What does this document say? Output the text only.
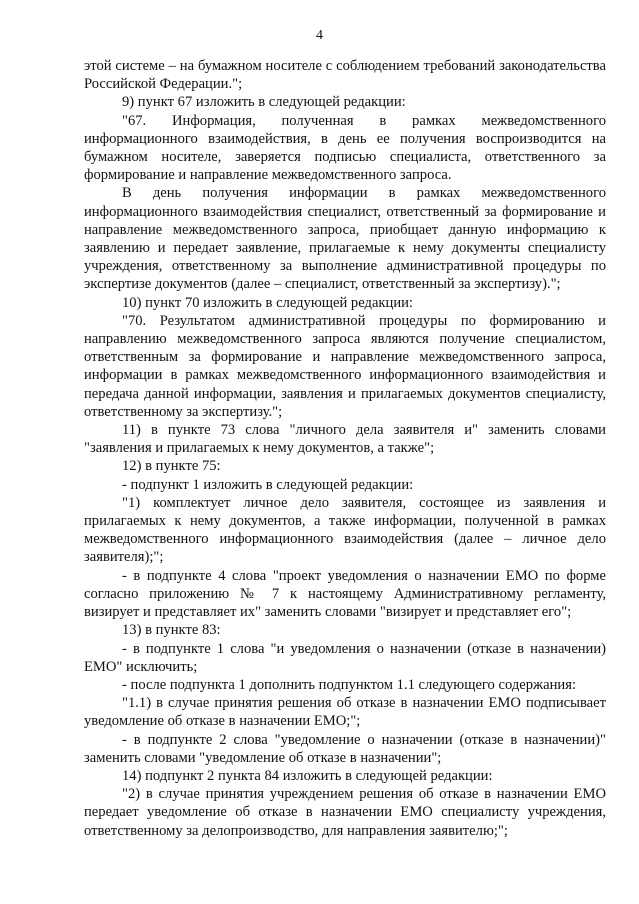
4

этой системе – на бумажном носителе с соблюдением требований законодательства Российской Федерации.";

9) пункт 67 изложить в следующей редакции:

"67. Информация, полученная в рамках межведомственного информационного взаимодействия, в день ее получения воспроизводится на бумажном носителе, заверяется подписью специалиста, ответственного за формирование и направление межведомственного запроса.

В день получения информации в рамках межведомственного информационного взаимодействия специалист, ответственный за формирование и направление межведомственного запроса, приобщает данную информацию к заявлению и передает заявление, прилагаемые к нему документы специалисту учреждения, ответственному за выполнение административной процедуры по экспертизе документов (далее – специалист, ответственный за экспертизу).";

10) пункт 70 изложить в следующей редакции:

"70. Результатом административной процедуры по формированию и направлению межведомственного запроса являются получение специалистом, ответственным за формирование и направление межведомственного запроса, информации в рамках межведомственного информационного взаимодействия и передача данной информации, заявления и прилагаемых документов специалисту, ответственному за экспертизу.";

11) в пункте 73 слова "личного дела заявителя и" заменить словами "заявления и прилагаемых к нему документов, а также";

12) в пункте 75:

- подпункт 1 изложить в следующей редакции:

"1) комплектует личное дело заявителя, состоящее из заявления и прилагаемых к нему документов, а также информации, полученной в рамках межведомственного информационного взаимодействия (далее – личное дело заявителя);";

- в подпункте 4 слова "проект уведомления о назначении ЕМО по форме согласно приложению № 7 к настоящему Административному регламенту, визирует и представляет их" заменить словами "визирует и представляет его";

13) в пункте 83:

- в подпункте 1 слова "и уведомления о назначении (отказе в назначении) ЕМО" исключить;

- после подпункта 1 дополнить подпунктом 1.1 следующего содержания:

"1.1) в случае принятия решения об отказе в назначении ЕМО подписывает уведомление об отказе в назначении ЕМО;";

- в подпункте 2 слова "уведомление о назначении (отказе в назначении)" заменить словами "уведомление об отказе в назначении";

14) подпункт 2 пункта 84 изложить в следующей редакции:

"2) в случае принятия учреждением решения об отказе в назначении ЕМО передает уведомление об отказе в назначении ЕМО специалисту учреждения, ответственному за делопроизводство, для направления заявителю;";
